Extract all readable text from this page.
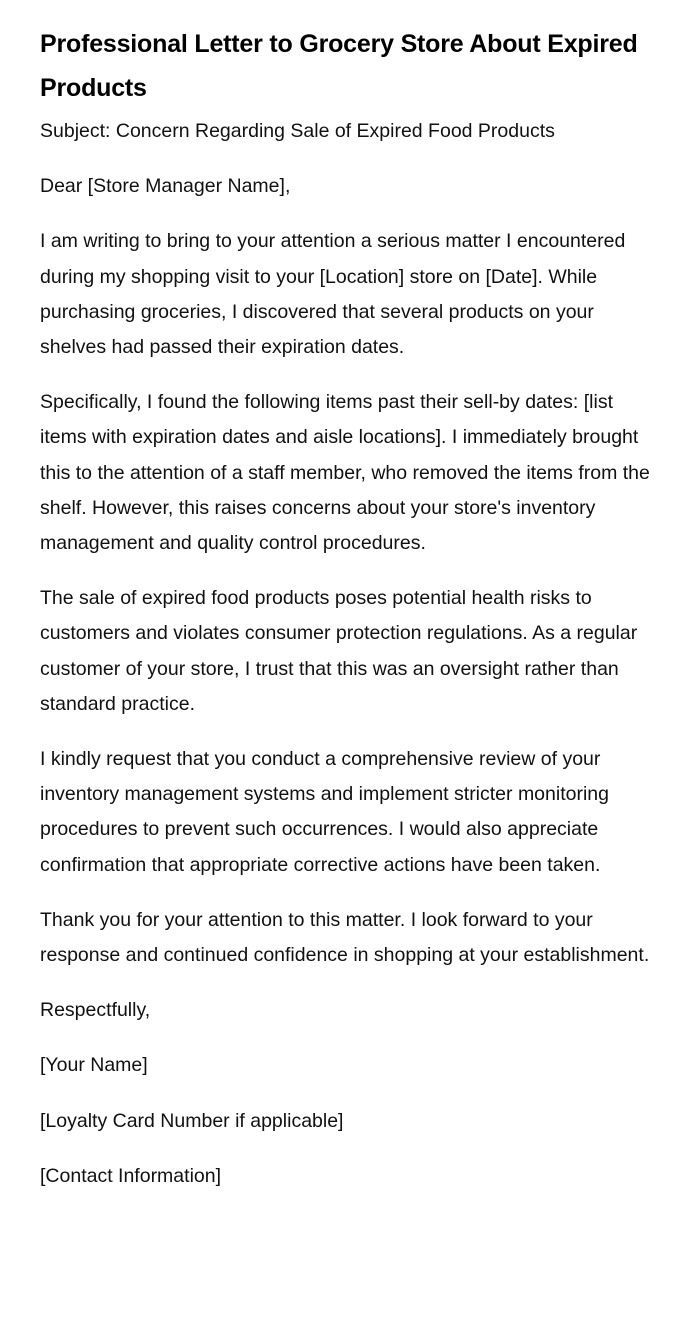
Professional Letter to Grocery Store About Expired Products

Subject: Concern Regarding Sale of Expired Food Products

Dear [Store Manager Name],

I am writing to bring to your attention a serious matter I encountered during my shopping visit to your [Location] store on [Date]. While purchasing groceries, I discovered that several products on your shelves had passed their expiration dates.

Specifically, I found the following items past their sell-by dates: [list items with expiration dates and aisle locations]. I immediately brought this to the attention of a staff member, who removed the items from the shelf. However, this raises concerns about your store's inventory management and quality control procedures.

The sale of expired food products poses potential health risks to customers and violates consumer protection regulations. As a regular customer of your store, I trust that this was an oversight rather than standard practice.

I kindly request that you conduct a comprehensive review of your inventory management systems and implement stricter monitoring procedures to prevent such occurrences. I would also appreciate confirmation that appropriate corrective actions have been taken.

Thank you for your attention to this matter. I look forward to your response and continued confidence in shopping at your establishment.

Respectfully,

[Your Name]

[Loyalty Card Number if applicable]

[Contact Information]
